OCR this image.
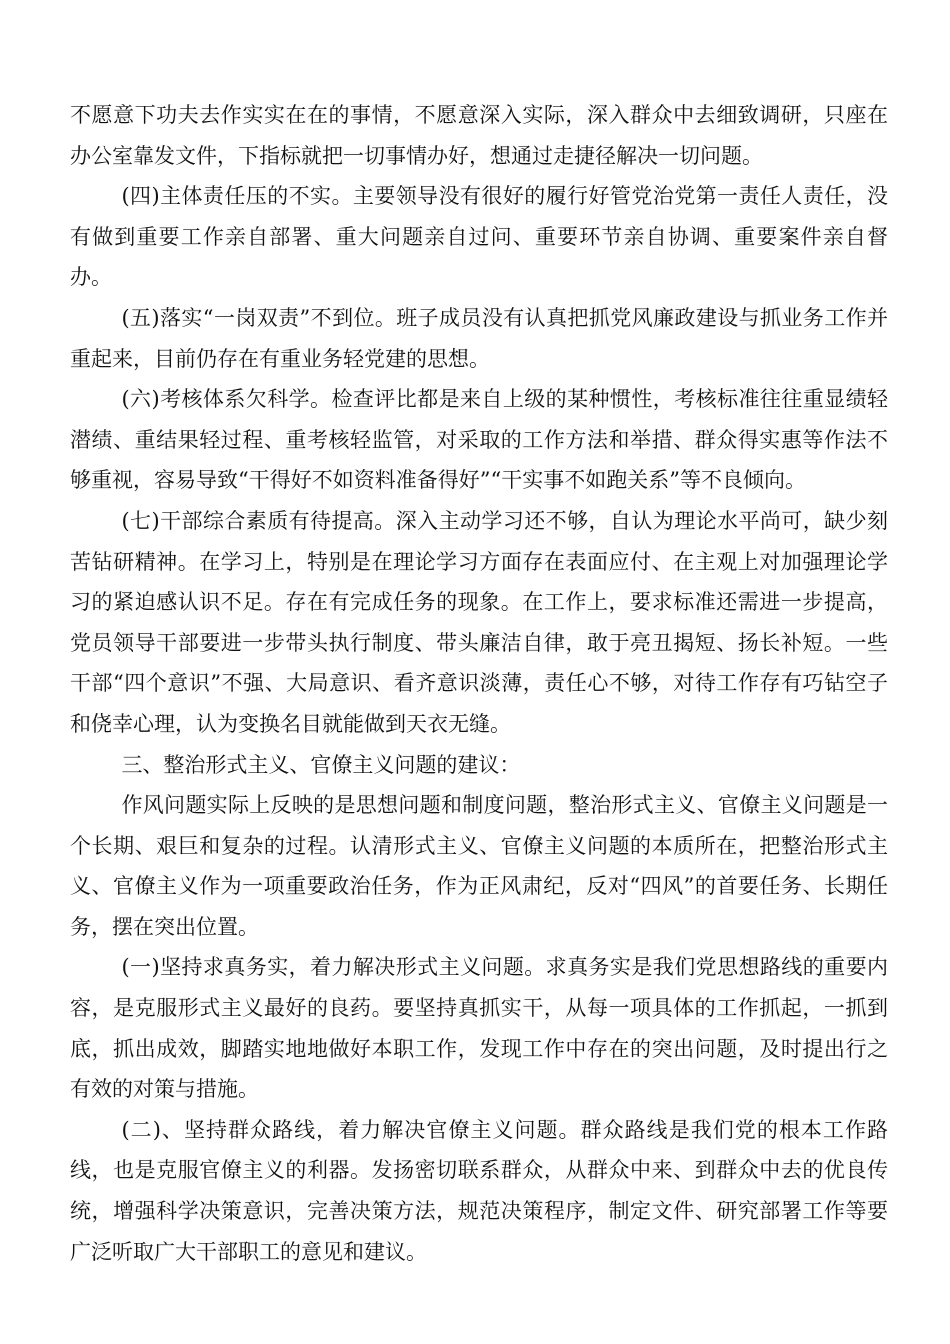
不愿意下功夫去作实实在在的事情，不愿意深入实际，深入群众中去细致调研，只座在办公室靠发文件，下指标就把一切事情办好，想通过走捷径解决一切问题。

(四)主体责任压的不实。主要领导没有很好的履行好管党治党第一责任人责任，没有做到重要工作亲自部署、重大问题亲自过问、重要环节亲自协调、重要案件亲自督办。

(五)落实“一岗双责”不到位。班子成员没有认真把抓党风廉政建设与抓业务工作并重起来，目前仍存在有重业务轻党建的思想。

(六)考核体系欠科学。检查评比都是来自上级的某种惯性，考核标准往往重显绩轻潜绩、重结果轻过程、重考核轻监管，对采取的工作方法和举措、群众得实惠等作法不够重视，容易导致“干得好不如资料准备得好”“干实事不如跑关系”等不良倾向。

(七)干部综合素质有待提高。深入主动学习还不够，自认为理论水平尚可，缺少刻苦钻研精神。在学习上，特别是在理论学习方面存在表面应付、在主观上对加强理论学习的紧迫感认识不足。存在有完成任务的现象。在工作上，要求标准还需进一步提高，党员领导干部要进一步带头执行制度、带头廉洁自律，敢于亮丑揭短、扬长补短。一些干部“四个意识”不强、大局意识、看齐意识淡薄，责任心不够，对待工作存有巧钻空子和侥幸心理，认为变换名目就能做到天衣无缝。

三、整治形式主义、官僚主义问题的建议：

作风问题实际上反映的是思想问题和制度问题，整治形式主义、官僚主义问题是一个长期、艰巨和复杂的过程。认清形式主义、官僚主义问题的本质所在，把整治形式主义、官僚主义作为一项重要政治任务，作为正风肃纪，反对“四风”的首要任务、长期任务，摆在突出位置。

(一)坚持求真务实，着力解决形式主义问题。求真务实是我们党思想路线的重要内容，是克服形式主义最好的良药。要坚持真抓实干，从每一项具体的工作抓起，一抓到底，抓出成效，脚踏实地地做好本职工作，发现工作中存在的突出问题，及时提出行之有效的对策与措施。

(二)、坚持群众路线，着力解决官僚主义问题。群众路线是我们党的根本工作路线，也是克服官僚主义的利器。发扬密切联系群众，从群众中来、到群众中去的优良传统，增强科学决策意识，完善决策方法，规范决策程序，制定文件、研究部署工作等要广泛听取广大干部职工的意见和建议。
